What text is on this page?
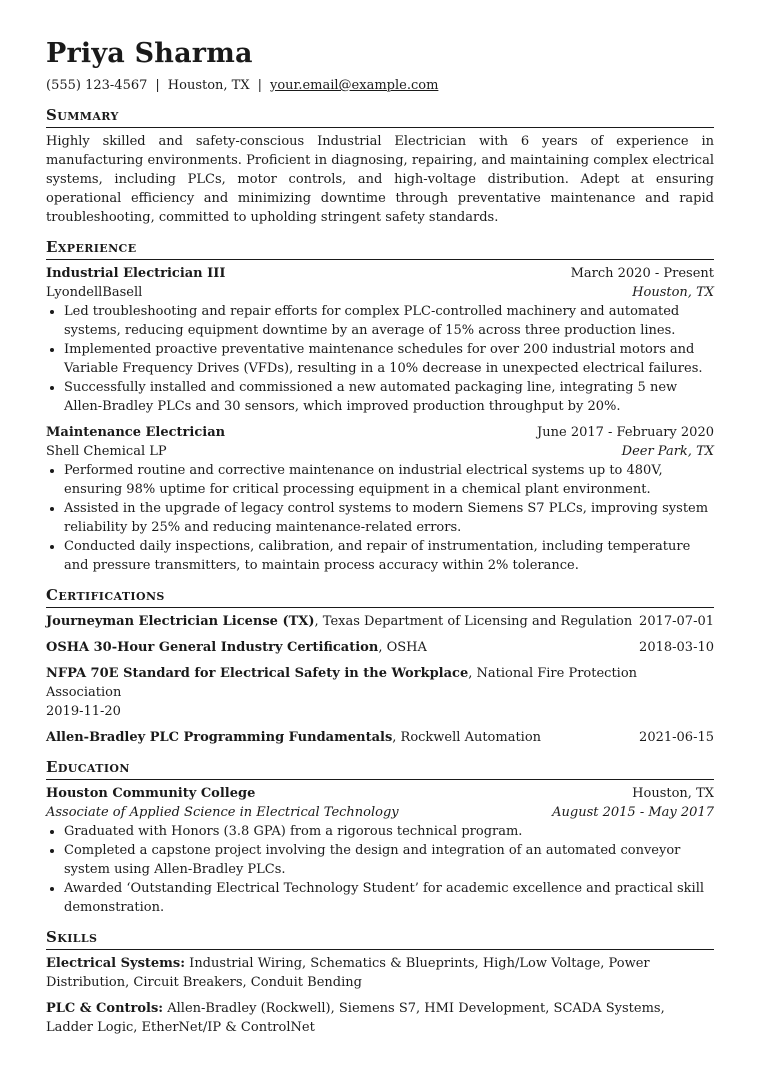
Priya Sharma
(555) 123-4567 | Houston, TX | your.email@example.com
Summary

Highly skilled and safety-conscious Industrial Electrician with 6 years of experience in manufacturing environments. Proficient in diagnosing, repairing, and maintaining complex electrical systems, including PLCs, motor controls, and high-voltage distribution. Adept at ensuring operational efficiency and minimizing downtime through preventative maintenance and rapid troubleshooting, committed to upholding stringent safety standards.

Experience
Industrial Electrician III	March 2020 - Present
LyondellBasell	Houston, TX
• Led troubleshooting and repair efforts for complex PLC-controlled machinery and automated systems, reducing equipment downtime by an average of 15% across three production lines.
• Implemented proactive preventative maintenance schedules for over 200 industrial motors and Variable Frequency Drives (VFDs), resulting in a 10% decrease in unexpected electrical failures.
• Successfully installed and commissioned a new automated packaging line, integrating 5 new Allen-Bradley PLCs and 30 sensors, which improved production throughput by 20%.
Maintenance Electrician	June 2017 - February 2020
Shell Chemical LP	Deer Park, TX
• Performed routine and corrective maintenance on industrial electrical systems up to 480V, ensuring 98% uptime for critical processing equipment in a chemical plant environment.
• Assisted in the upgrade of legacy control systems to modern Siemens S7 PLCs, improving system reliability by 25% and reducing maintenance-related errors.
• Conducted daily inspections, calibration, and repair of instrumentation, including temperature and pressure transmitters, to maintain process accuracy within 2% tolerance.
Certifications
Journeyman Electrician License (TX), Texas Department of Licensing and Regulation 2017-07-01
OSHA 30-Hour General Industry Certification, OSHA	2018-03-10
NFPA 70E Standard for Electrical Safety in the Workplace, National Fire Protection Association
2019-11-20
Allen-Bradley PLC Programming Fundamentals, Rockwell Automation	2021-06-15
Education
Houston Community College	Houston, TX
Associate of Applied Science in Electrical Technology	August 2015 - May 2017
• Graduated with Honors (3.8 GPA) from a rigorous technical program.
• Completed a capstone project involving the design and integration of an automated conveyor system using Allen-Bradley PLCs.
• Awarded ‘Outstanding Electrical Technology Student’ for academic excellence and practical skill demonstration.
Skills
Electrical Systems: Industrial Wiring, Schematics & Blueprints, High/Low Voltage, Power Distribution, Circuit Breakers, Conduit Bending
PLC & Controls: Allen-Bradley (Rockwell), Siemens S7, HMI Development, SCADA Systems, Ladder Logic, EtherNet/IP & ControlNet
